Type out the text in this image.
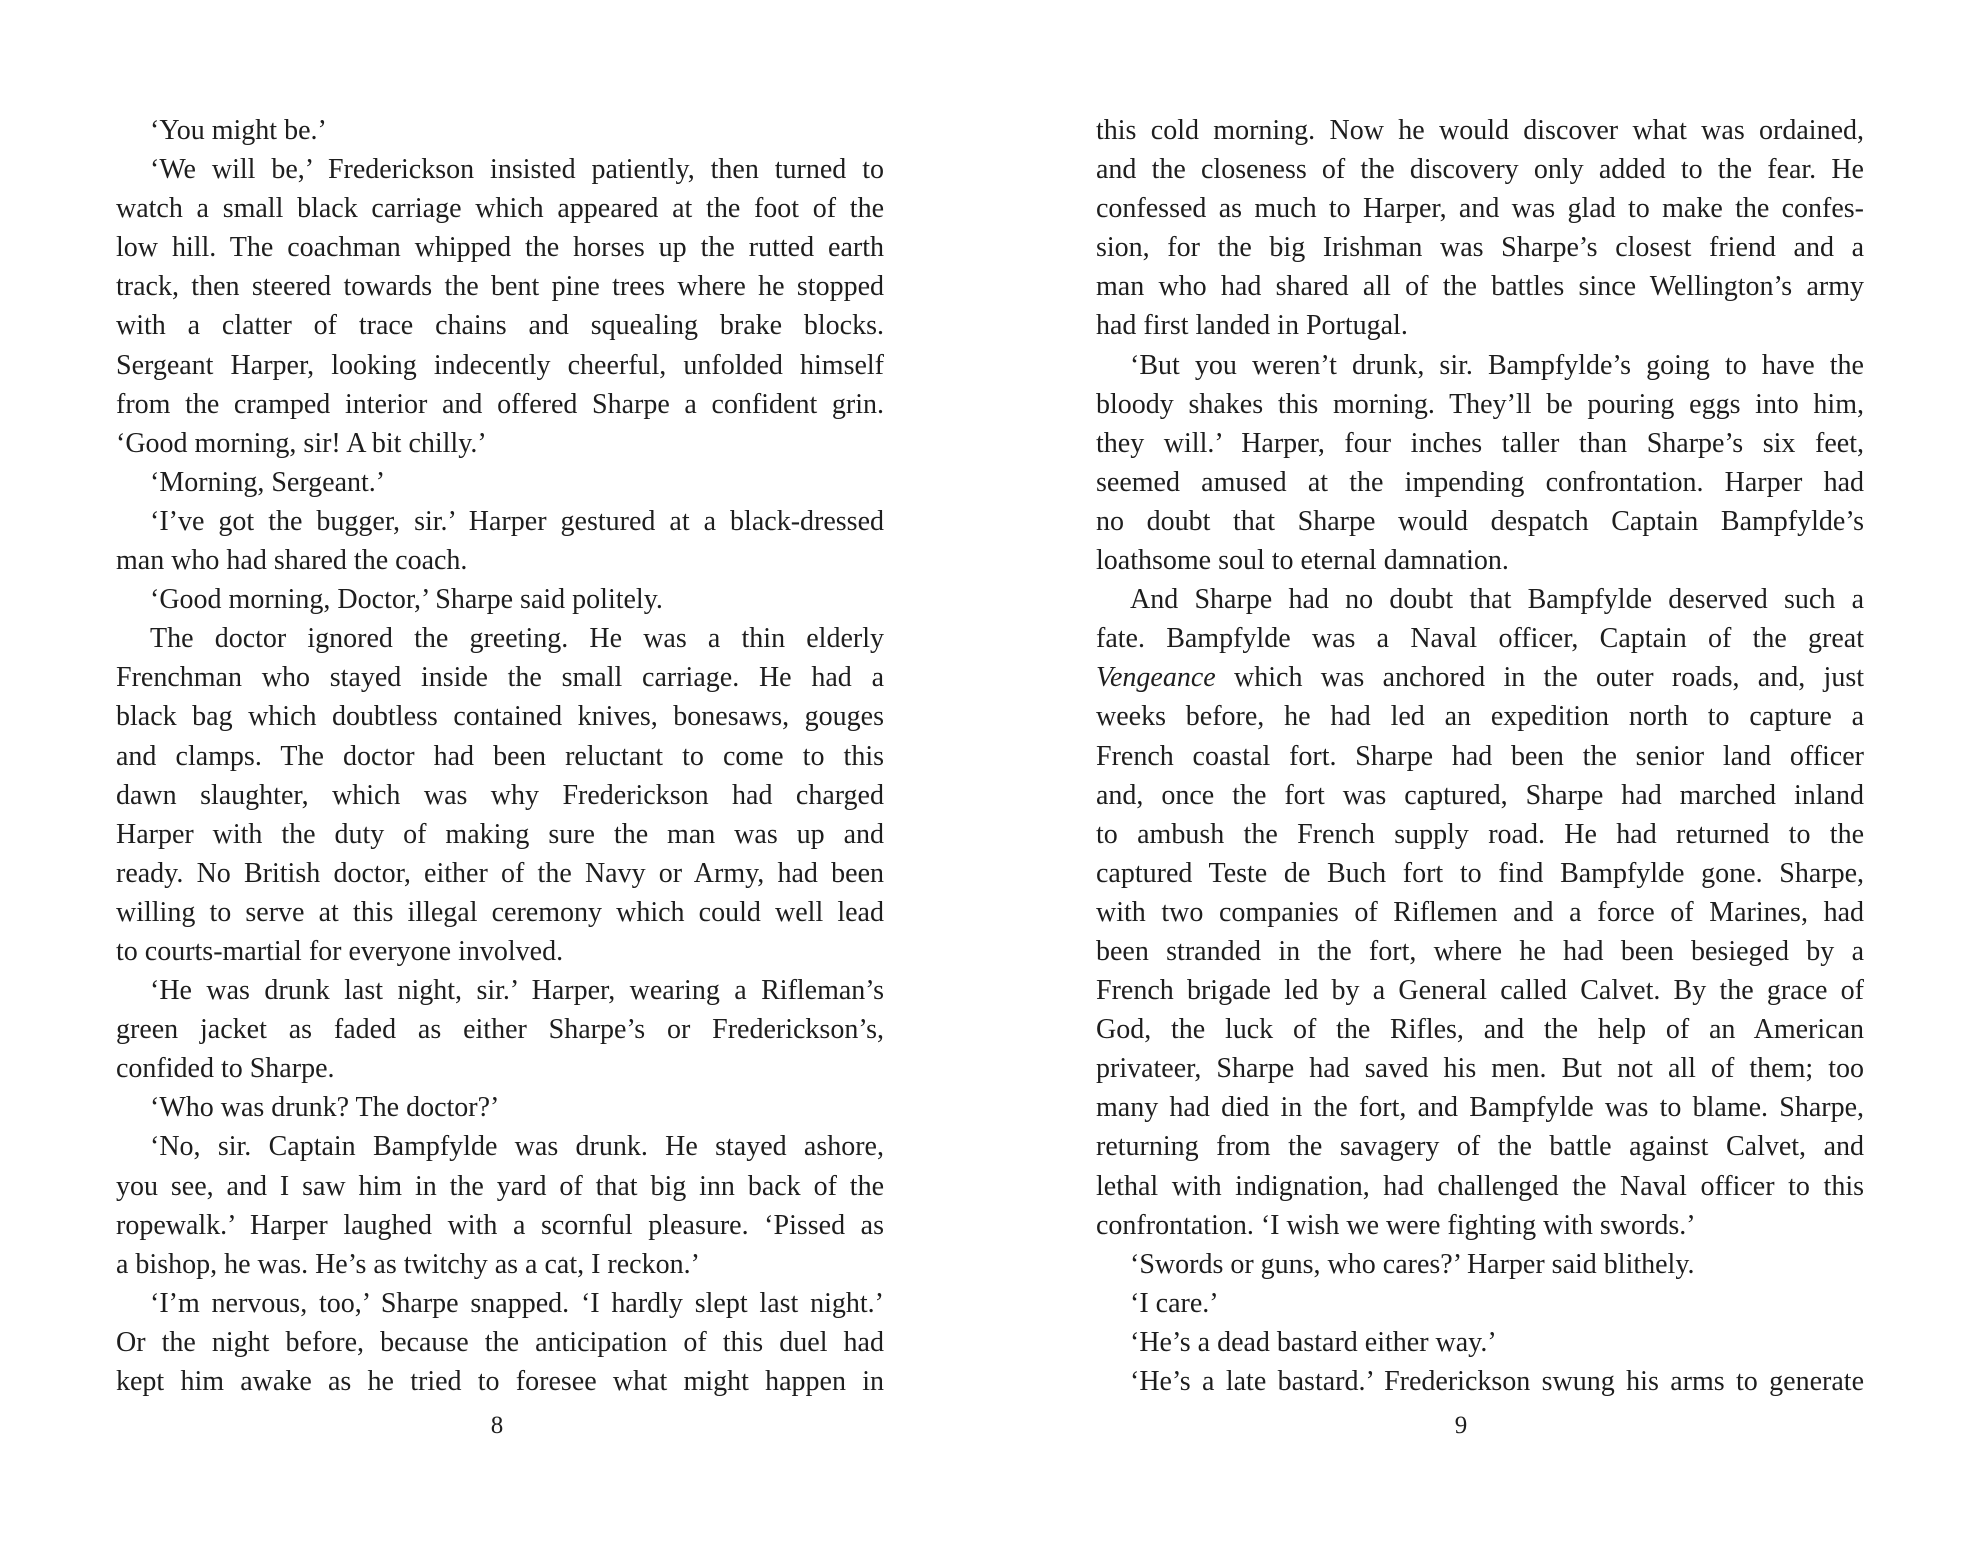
‘You might be.’
‘We will be,’ Frederickson insisted patiently, then turned to
watch a small black carriage which appeared at the foot of the
low hill. The coachman whipped the horses up the rutted earth
track, then steered towards the bent pine trees where he stopped
with a clatter of trace chains and squealing brake blocks.
Sergeant Harper, looking indecently cheerful, unfolded himself
from the cramped interior and offered Sharpe a confident grin.
‘Good morning, sir! A bit chilly.’
‘Morning, Sergeant.’
‘I’ve got the bugger, sir.’ Harper gestured at a black-dressed
man who had shared the coach.
‘Good morning, Doctor,’ Sharpe said politely.
The doctor ignored the greeting. He was a thin elderly
Frenchman who stayed inside the small carriage. He had a
black bag which doubtless contained knives, bonesaws, gouges
and clamps. The doctor had been reluctant to come to this
dawn slaughter, which was why Frederickson had charged
Harper with the duty of making sure the man was up and
ready. No British doctor, either of the Navy or Army, had been
willing to serve at this illegal ceremony which could well lead
to courts-martial for everyone involved.
‘He was drunk last night, sir.’ Harper, wearing a Rifleman’s
green jacket as faded as either Sharpe’s or Frederickson’s,
confided to Sharpe.
‘Who was drunk? The doctor?’
‘No, sir. Captain Bampfylde was drunk. He stayed ashore,
you see, and I saw him in the yard of that big inn back of the
ropewalk.’ Harper laughed with a scornful pleasure. ‘Pissed as
a bishop, he was. He’s as twitchy as a cat, I reckon.’
‘I’m nervous, too,’ Sharpe snapped. ‘I hardly slept last night.’
Or the night before, because the anticipation of this duel had
kept him awake as he tried to foresee what might happen in
8
this cold morning. Now he would discover what was ordained,
and the closeness of the discovery only added to the fear. He
confessed as much to Harper, and was glad to make the confes-
sion, for the big Irishman was Sharpe’s closest friend and a
man who had shared all of the battles since Wellington’s army
had first landed in Portugal.
‘But you weren’t drunk, sir. Bampfylde’s going to have the
bloody shakes this morning. They’ll be pouring eggs into him,
they will.’ Harper, four inches taller than Sharpe’s six feet,
seemed amused at the impending confrontation. Harper had
no doubt that Sharpe would despatch Captain Bampfylde’s
loathsome soul to eternal damnation.
And Sharpe had no doubt that Bampfylde deserved such a
fate. Bampfylde was a Naval officer, Captain of the great
Vengeance which was anchored in the outer roads, and, just
weeks before, he had led an expedition north to capture a
French coastal fort. Sharpe had been the senior land officer
and, once the fort was captured, Sharpe had marched inland
to ambush the French supply road. He had returned to the
captured Teste de Buch fort to find Bampfylde gone. Sharpe,
with two companies of Riflemen and a force of Marines, had
been stranded in the fort, where he had been besieged by a
French brigade led by a General called Calvet. By the grace of
God, the luck of the Rifles, and the help of an American
privateer, Sharpe had saved his men. But not all of them; too
many had died in the fort, and Bampfylde was to blame. Sharpe,
returning from the savagery of the battle against Calvet, and
lethal with indignation, had challenged the Naval officer to this
confrontation. ‘I wish we were fighting with swords.’
‘Swords or guns, who cares?’ Harper said blithely.
‘I care.’
‘He’s a dead bastard either way.’
‘He’s a late bastard.’ Frederickson swung his arms to generate
9
